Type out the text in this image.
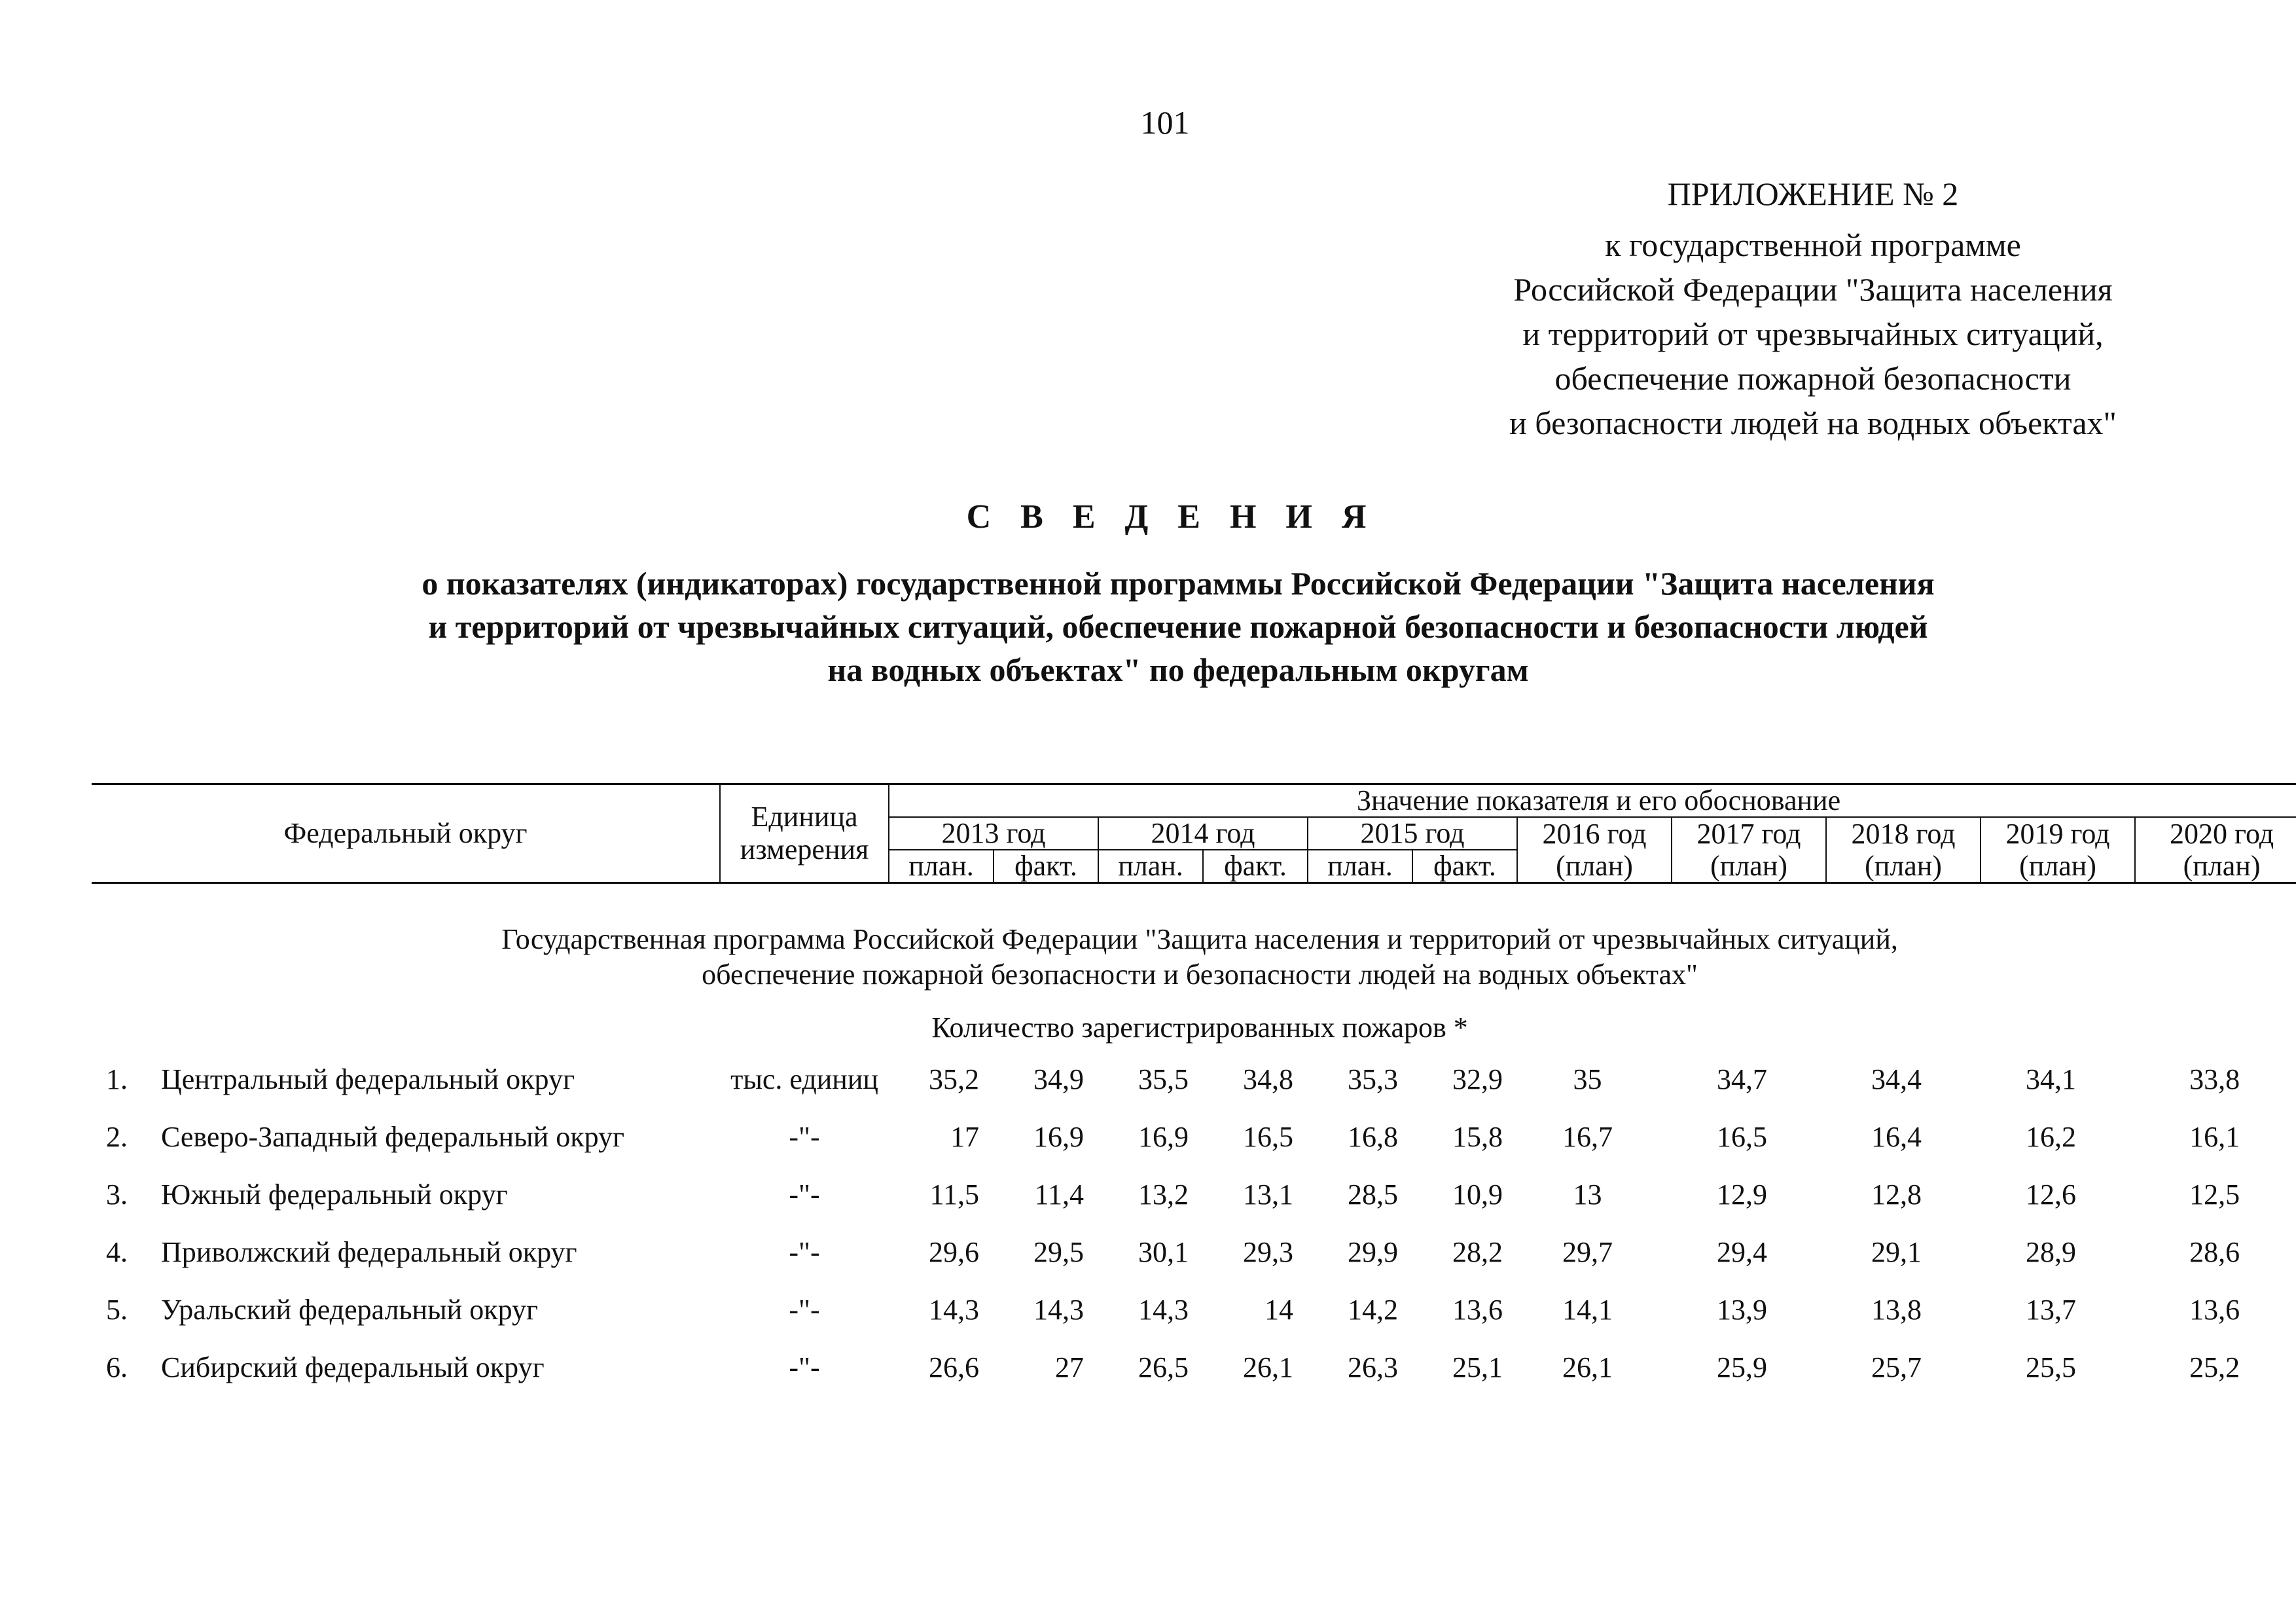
101
ПРИЛОЖЕНИЕ № 2
к государственной программе
Российской Федерации "Защита населения
и территорий от чрезвычайных ситуаций,
обеспечение пожарной безопасности
и безопасности людей на водных объектах"
С В Е Д Е Н И Я
о показателях (индикаторах) государственной программы Российской Федерации "Защита населения
и территорий от чрезвычайных ситуаций, обеспечение пожарной безопасности и безопасности людей
на водных объектах" по федеральным округам
Федеральный округ		Единица измерения	Значение показателя и его обоснование										
			2013 год		2014 год		2015 год		2016 год	2017 год	2018 год	2019 год	2020 год
			план.	факт.	план.	факт.	план.	факт.	(план)	(план)	(план)	(план)	(план)

Государственная программа Российской Федерации "Защита населения и территорий от чрезвычайных ситуаций,
обеспечение пожарной безопасности и безопасности людей на водных объектах"													

Количество зарегистрированных пожаров *													
1.	Центральный федеральный округ	тыс. единиц	35,2	34,9	35,5	34,8	35,3	32,9	35	34,7	34,4	34,1	33,8
2.	Северо-Западный федеральный округ	-"-	17	16,9	16,9	16,5	16,8	15,8	16,7	16,5	16,4	16,2	16,1
3.	Южный федеральный округ	-"-	11,5	11,4	13,2	13,1	28,5	10,9	13	12,9	12,8	12,6	12,5
4.	Приволжский федеральный округ	-"-	29,6	29,5	30,1	29,3	29,9	28,2	29,7	29,4	29,1	28,9	28,6
5.	Уральский федеральный округ	-"-	14,3	14,3	14,3	14	14,2	13,6	14,1	13,9	13,8	13,7	13,6
6.	Сибирский федеральный округ	-"-	26,6	27	26,5	26,1	26,3	25,1	26,1	25,9	25,7	25,5	25,2
